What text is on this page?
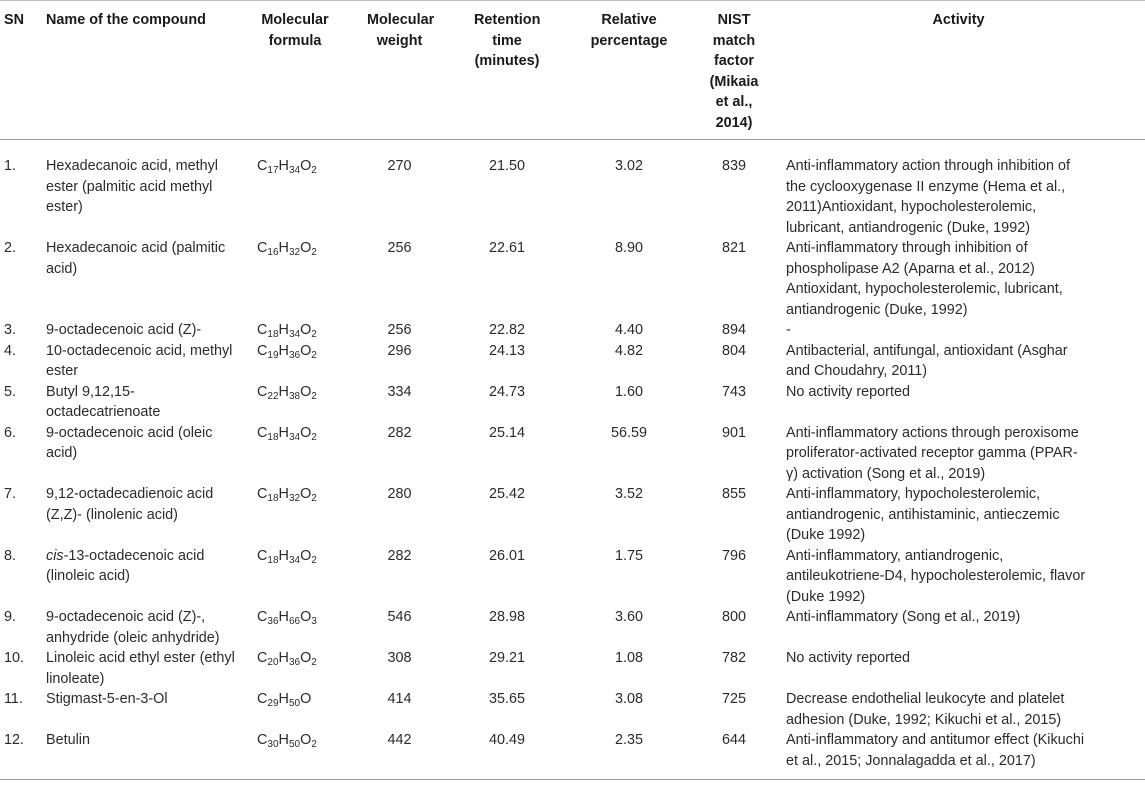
SN	Name of the compound	Molecular formula	Molecular weight	Retention time (minutes)	Relative percentage	NIST match factor (Mikaia et al., 2014)	Activity
1.	Hexadecanoic acid, methyl ester (palmitic acid methyl ester)	$C_{17}H_{34}O_2$	270	21.50	3.02	839	Anti-inflammatory action through inhibition of
the cyclooxygenase II enzyme (Hema et al.,
2011)Antioxidant, hypocholesterolemic,
lubricant, antiandrogenic (Duke, 1992)
2.	Hexadecanoic acid (palmitic acid)	$C_{16}H_{32}O_2$	256	22.61	8.90	821	Anti-inflammatory through inhibition of
phospholipase A2 (Aparna et al., 2012)
Antioxidant, hypocholesterolemic, lubricant,
antiandrogenic (Duke, 1992)
3.	9-octadecenoic acid (Z)-	$C_{18}H_{34}O_2$	256	22.82	4.40	894	-
4.	10-octadecenoic acid, methyl ester	$C_{19}H_{36}O_2$	296	24.13	4.82	804	Antibacterial, antifungal, antioxidant (Asghar
and Choudahry, 2011)
5.	Butyl 9,12,15-octadecatrienoate	$C_{22}H_{38}O_2$	334	24.73	1.60	743	No activity reported
6.	9-octadecenoic acid (oleic acid)	$C_{18}H_{34}O_2$	282	25.14	56.59	901	Anti-inflammatory actions through peroxisome
proliferator-activated receptor gamma (PPAR-
γ) activation (Song et al., 2019)
7.	9,12-octadecadienoic acid (Z,Z)- (linolenic acid)	$C_{18}H_{32}O_2$	280	25.42	3.52	855	Anti-inflammatory, hypocholesterolemic,
antiandrogenic, antihistaminic, antieczemic
(Duke 1992)
8.	cis-13-octadecenoic acid (linoleic acid)	$C_{18}H_{34}O_2$	282	26.01	1.75	796	Anti-inflammatory, antiandrogenic,
antileukotriene-D4, hypocholesterolemic, flavor
(Duke 1992)
9.	9-octadecenoic acid (Z)-, anhydride (oleic anhydride)	$C_{36}H_{66}O_3$	546	28.98	3.60	800	Anti-inflammatory (Song et al., 2019)
10.	Linoleic acid ethyl ester (ethyl linoleate)	$C_{20}H_{36}O_2$	308	29.21	1.08	782	No activity reported
11.	Stigmast-5-en-3-Ol	$C_{29}H_{50}O$	414	35.65	3.08	725	Decrease endothelial leukocyte and platelet
adhesion (Duke, 1992; Kikuchi et al., 2015)
12.	Betulin	$C_{30}H_{50}O_2$	442	40.49	2.35	644	Anti-inflammatory and antitumor effect (Kikuchi
et al., 2015; Jonnalagadda et al., 2017)
